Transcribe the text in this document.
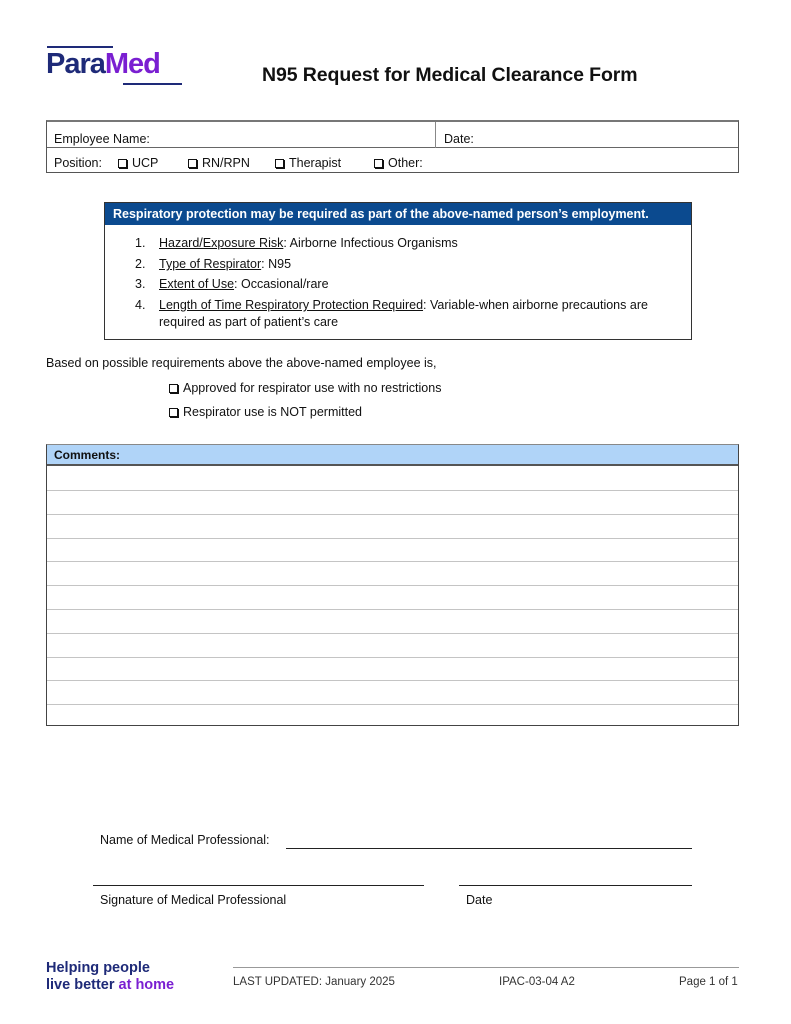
ParaMed	N95 Request for Medical Clearance Form
Employee Name:	Date:
Position: UCP	RN/RPN	Therapist	Other:
Respiratory protection may be required as part of the above-named person’s employment.
1.	Hazard/Exposure Risk: Airborne Infectious Organisms
2.	Type of Respirator: N95
3.	Extent of Use: Occasional/rare
4.	Length of Time Respiratory Protection Required: Variable-when airborne precautions are required as part of patient’s care
Based on possible requirements above the above-named employee is,
Approved for respirator use with no restrictions
Respirator use is NOT permitted
Comments:
Name of Medical Professional:
Signature of Medical Professional	Date
Helping people
live better at home	LAST UPDATED: January 2025	IPAC-03-04 A2	Page 1 of 1
